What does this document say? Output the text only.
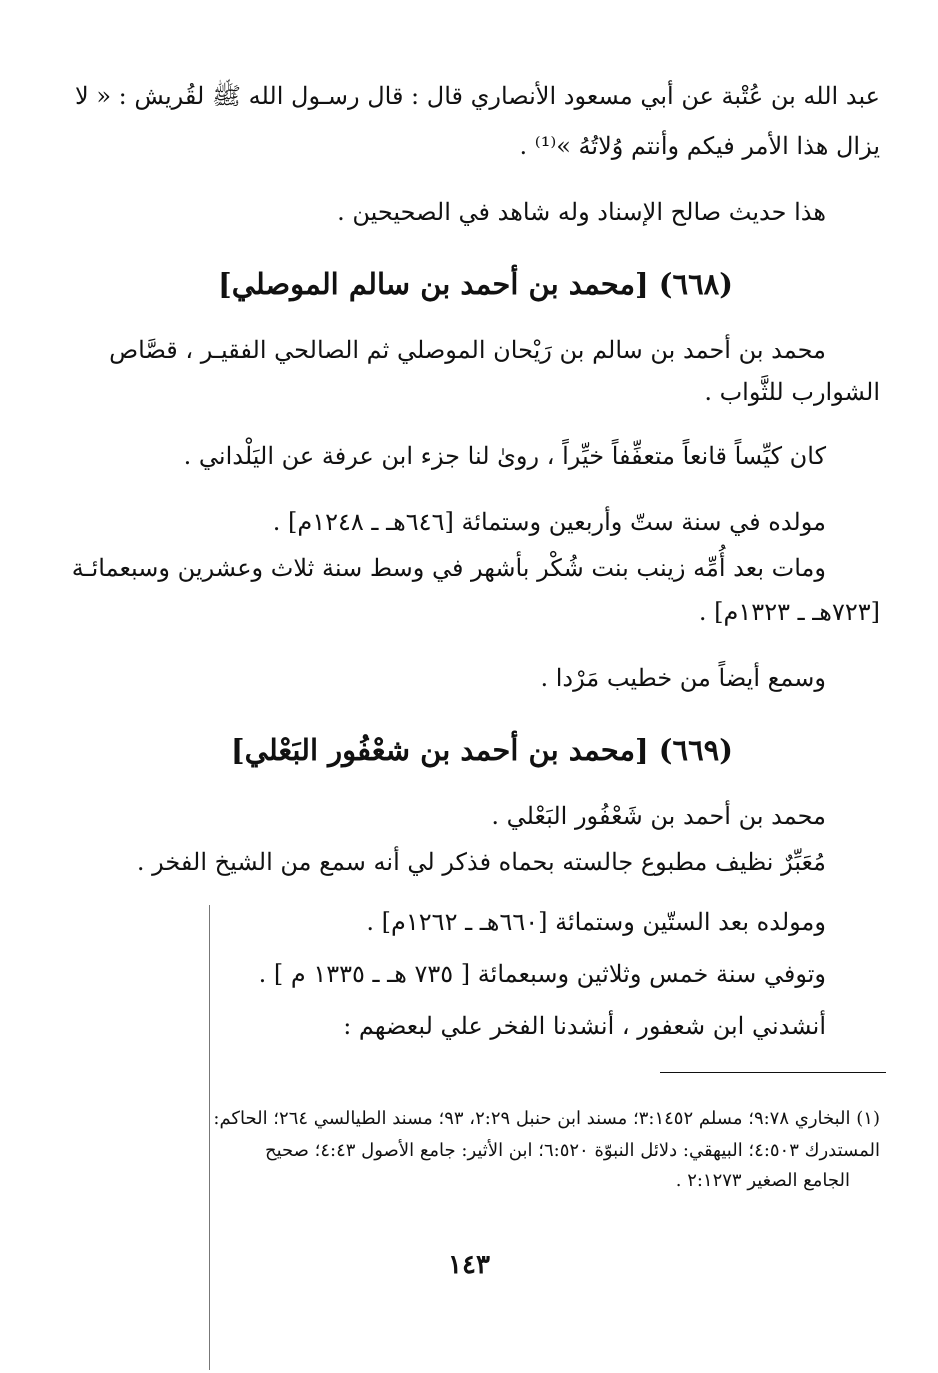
عبد الله بن عُتْبة عن أبي مسعود الأنصاري قال : قال رسـول الله ﷺ لقُريش : « لا
يزال هذا الأمر فيكم وأنتم وُلاتُهُ »⁽¹⁾ .
هذا حديث صالح الإسناد وله شاهد في الصحيحين .
(٦٦٨) [محمد بن أحمد بن سالم الموصلي]
محمد بن أحمد بن سالم بن رَيْحان الموصلي ثم الصالحي الفقيـر ، قصَّاص
الشوارب للثَّواب .
كان كيِّساً قانعاً متعفِّفاً خيِّراً ، روىٰ لنا جزء ابن عرفة عن اليَلْداني .
مولده في سنة ستّ وأربعين وستمائة [٦٤٦هـ ـ ١٢٤٨م] .
ومات بعد أُمِّه زينب بنت شُكْر بأشهر في وسط سنة ثلاث وعشرين وسبعمائـة
[٧٢٣هـ ـ ١٣٢٣م] .
وسمع أيضاً من خطيب مَرْدا .
(٦٦٩) [محمد بن أحمد بن شعْفُور البَعْلي]
محمد بن أحمد بن شَعْفُور البَعْلي .
مُعَبِّرٌ نظيف مطبوع جالسته بحماه فذكر لي أنه سمع من الشيخ الفخر .
ومولده بعد الستّين وستمائة [٦٦٠هـ ـ ١٢٦٢م] .
وتوفي سنة خمس وثلاثين وسبعمائة [ ٧٣٥ هـ ـ ١٣٣٥ م ] .
أنشدني ابن شعفور ، أنشدنا الفخر علي لبعضهم :
(١) البخاري ٩:٧٨؛ مسلم ٣:١٤٥٢؛ مسند ابن حنبل ٢:٢٩، ٩٣؛ مسند الطيالسي ٢٦٤؛ الحاكم:
المستدرك ٤:٥٠٣؛ البيهقي: دلائل النبوّة ٦:٥٢٠؛ ابن الأثير: جامع الأصول ٤:٤٣؛ صحيح
الجامع الصغير ٢:١٢٧٣ .
١٤٣
